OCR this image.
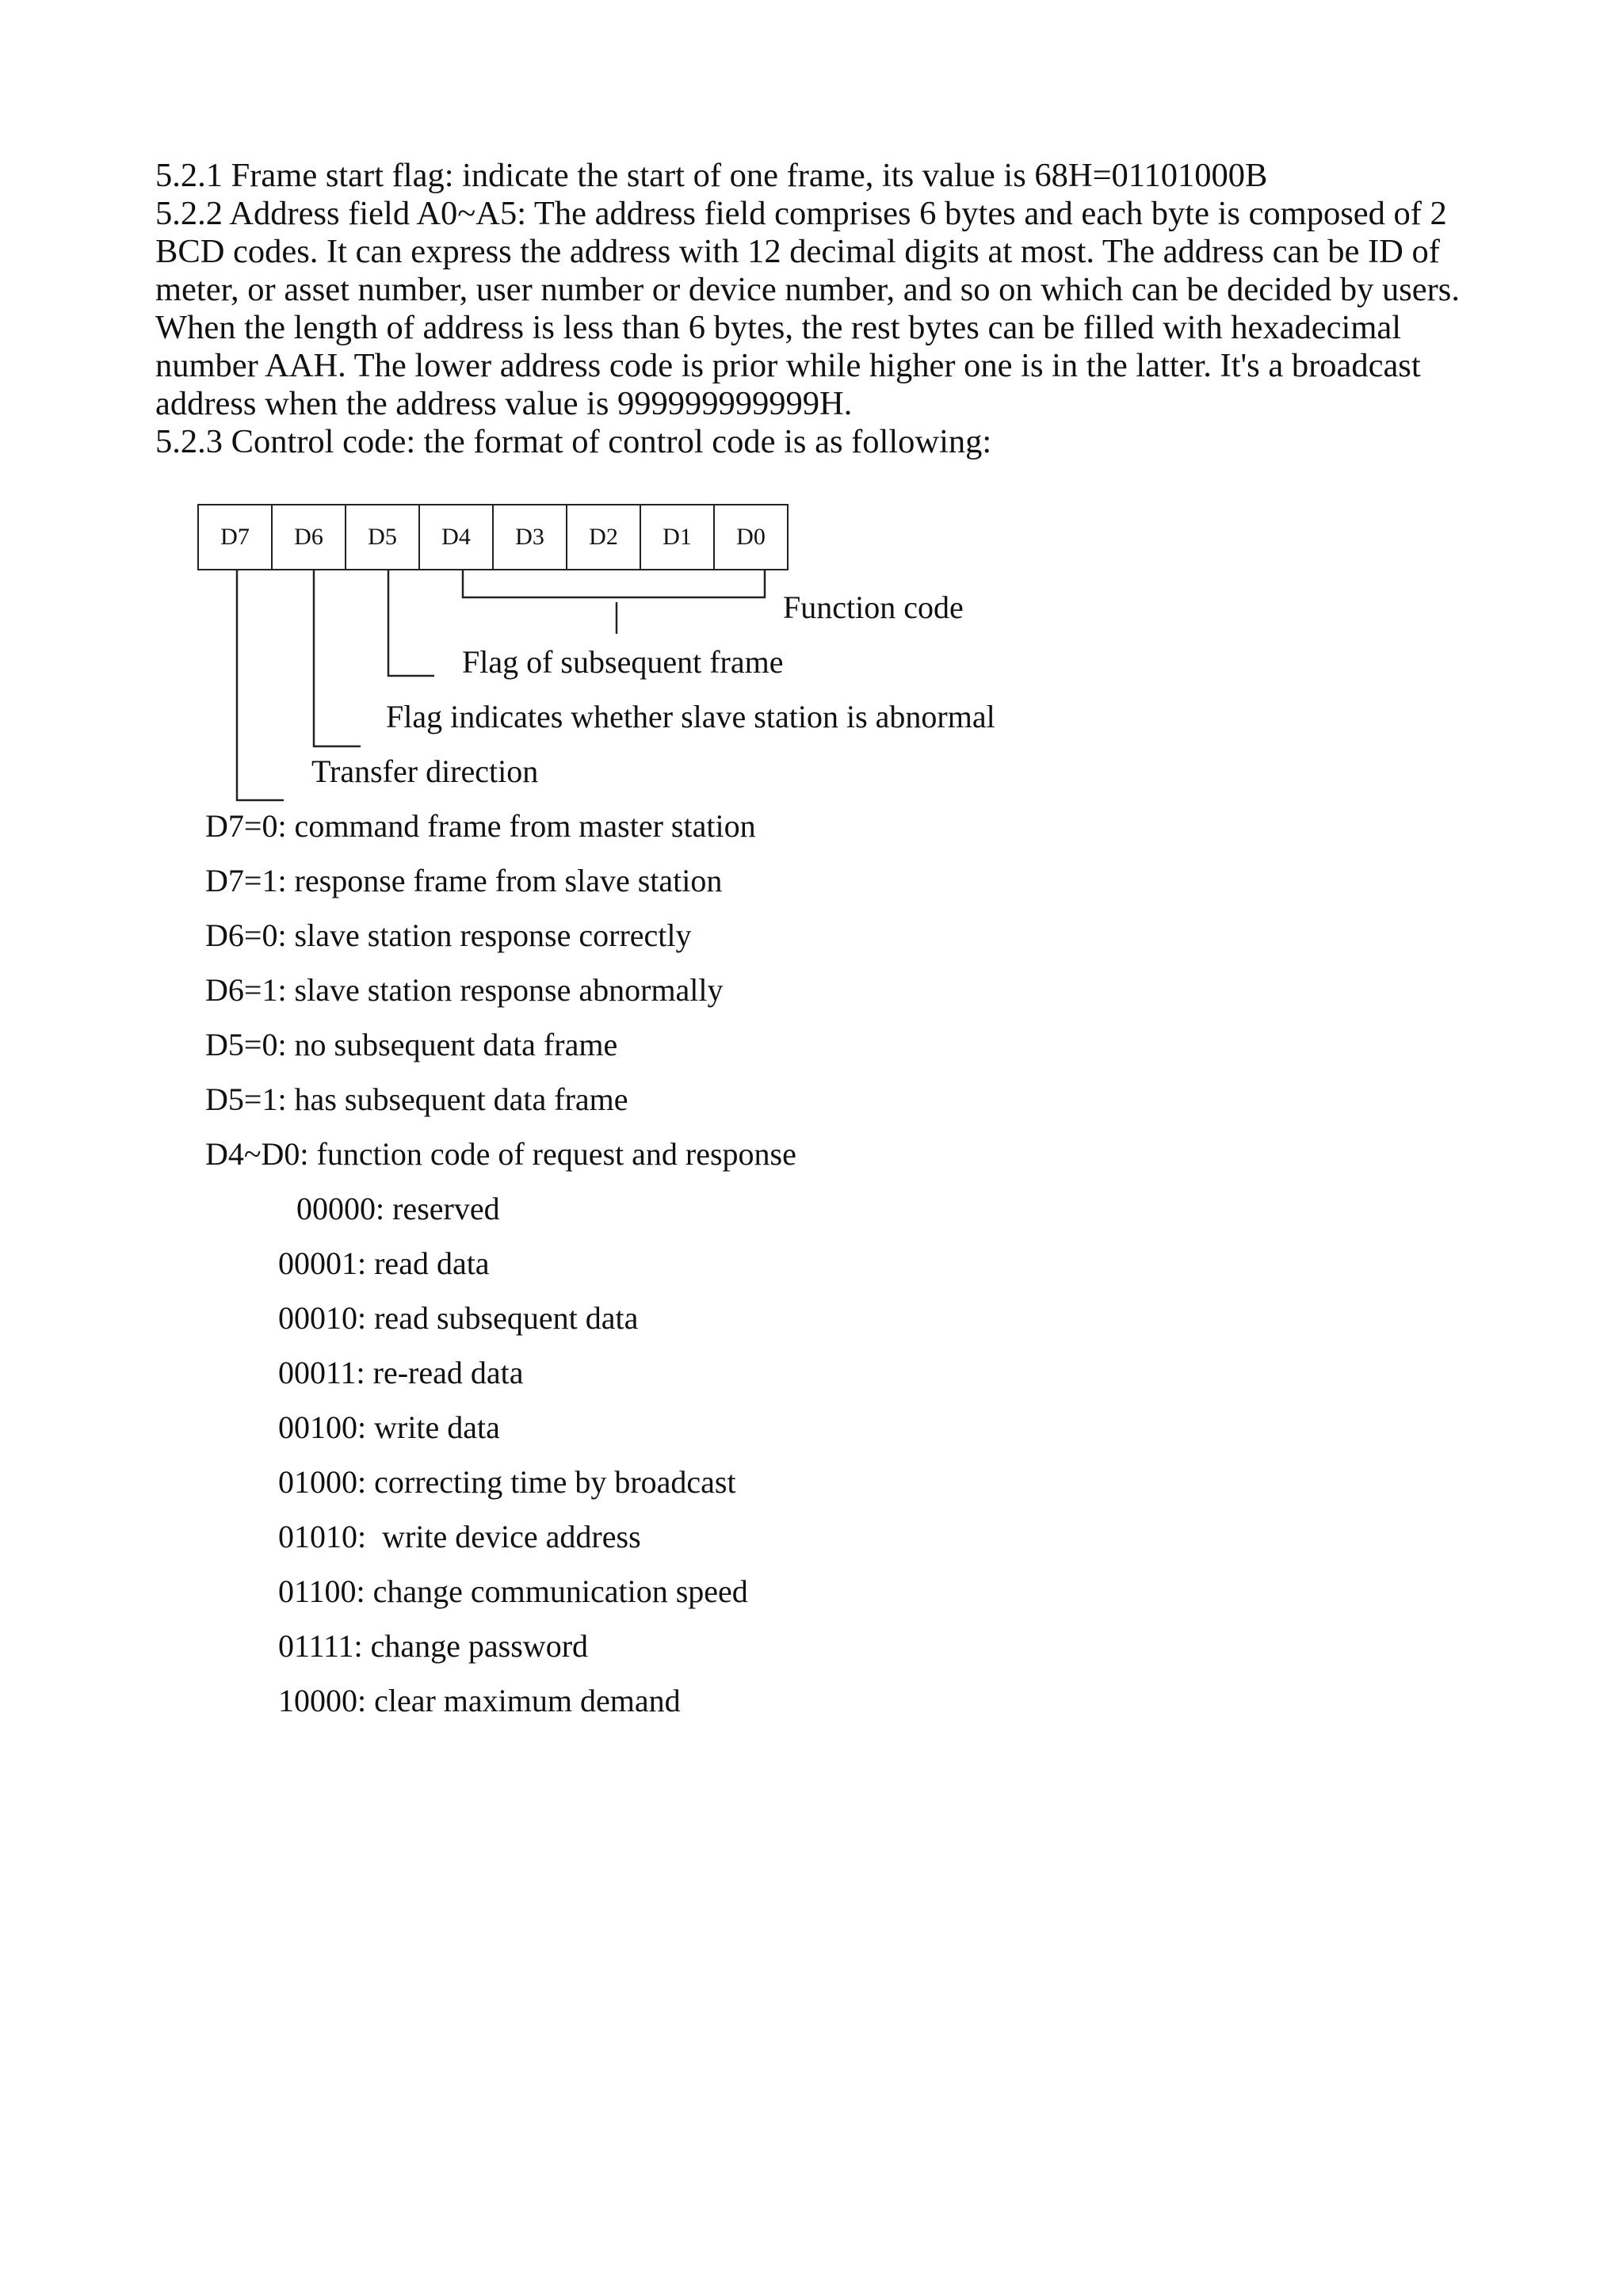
5.2.1 Frame start flag: indicate the start of one frame, its value is 68H=01101000B

5.2.2 Address field A0~A5: The address field comprises 6 bytes and each byte is composed of 2

BCD codes. It can express the address with 12 decimal digits at most. The address can be ID of

meter, or asset number, user number or device number, and so on which can be decided by users.

When the length of address is less than 6 bytes, the rest bytes can be filled with hexadecimal

number AAH. The lower address code is prior while higher one is in the latter. It's a broadcast

address when the address value is 999999999999H.

5.2.3 Control code: the format of control code is as following:

D7	D6	D5	D4	D3	D2	D1	D0
Function code
Flag of subsequent frame
Flag indicates whether slave station is abnormal
Transfer direction
D7=0: command frame from master station
D7=1: response frame from slave station
D6=0: slave station response correctly
D6=1: slave station response abnormally
D5=0: no subsequent data frame
D5=1: has subsequent data frame
D4~D0: function code of request and response
00000: reserved
00001: read data
00010: read subsequent data
00011: re-read data
00100: write data
01000: correcting time by broadcast
01010:  write device address
01100: change communication speed
01111: change password
10000: clear maximum demand
